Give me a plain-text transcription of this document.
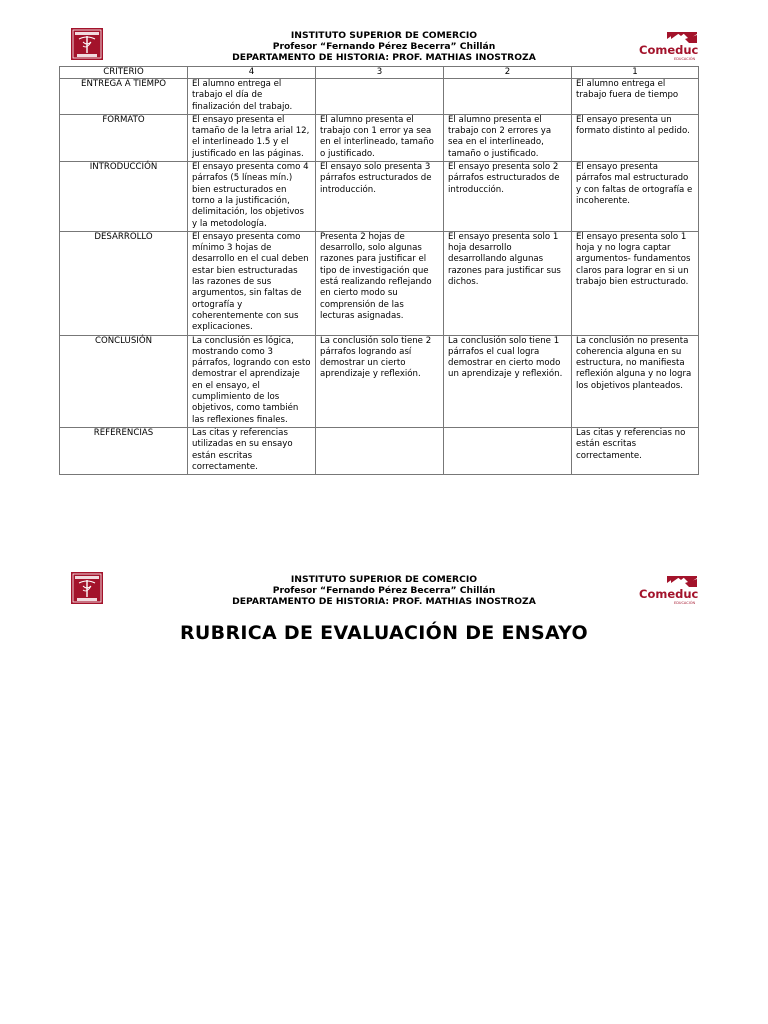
INSTITUTO SUPERIOR DE COMERCIO
Profesor “Fernando Pérez Becerra” Chillán
DEPARTAMENTO DE HISTORIA: PROF. MATHIAS INOSTROZA
Comeduc
EDUCACIÓN
CRITERIO	4	3	2	1
ENTREGA A TIEMPO	El alumno entrega el trabajo el día de finalización del trabajo.			El alumno entrega el trabajo fuera de tiempo
FORMATO	El ensayo presenta el tamaño de la letra arial 12, el interlineado 1.5 y el justificado en las páginas.	El alumno presenta el trabajo con 1 error ya sea en el interlineado, tamaño o justificado.	El alumno presenta el trabajo con 2 errores ya sea en el interlineado, tamaño o justificado.	El ensayo presenta un formato distinto al pedido.
INTRODUCCIÓN	El ensayo presenta como 4 párrafos (5 líneas mín.) bien estructurados en torno a la justificación, delimitación, los objetivos y la metodología.	El ensayo solo presenta 3 párrafos estructurados de introducción.	El ensayo presenta solo 2 párrafos estructurados de introducción.	El ensayo presenta párrafos mal estructurado y con faltas de ortografía e incoherente.
DESARROLLO	El ensayo presenta como mínimo 3 hojas de desarrollo en el cual deben estar bien estructuradas las razones de sus argumentos, sin faltas de ortografía y coherentemente con sus explicaciones.	Presenta 2 hojas de desarrollo, solo algunas razones para justificar el tipo de investigación que está realizando reflejando en cierto modo su comprensión de las lecturas asignadas.	El ensayo presenta solo 1 hoja desarrollo desarrollando algunas razones para justificar sus dichos.	El ensayo presenta solo 1 hoja y no logra captar argumentos- fundamentos claros para lograr en si un trabajo bien estructurado.
CONCLUSIÓN	La conclusión es lógica, mostrando como 3 párrafos, logrando con esto demostrar el aprendizaje en el ensayo, el cumplimiento de los objetivos, como también las reflexiones finales.	La conclusión solo tiene 2 párrafos logrando así demostrar un cierto aprendizaje y reflexión.	La conclusión solo tiene 1 párrafos el cual logra demostrar en cierto modo un aprendizaje y reflexión.	La conclusión no presenta coherencia alguna en su estructura, no manifiesta reflexión alguna y no logra los objetivos planteados.
REFERENCIAS	Las citas y referencias utilizadas en su ensayo están escritas correctamente.			Las citas y referencias no están escritas correctamente.
INSTITUTO SUPERIOR DE COMERCIO
Profesor “Fernando Pérez Becerra” Chillán
DEPARTAMENTO DE HISTORIA: PROF. MATHIAS INOSTROZA
Comeduc
EDUCACIÓN
RUBRICA DE EVALUACIÓN DE ENSAYO
